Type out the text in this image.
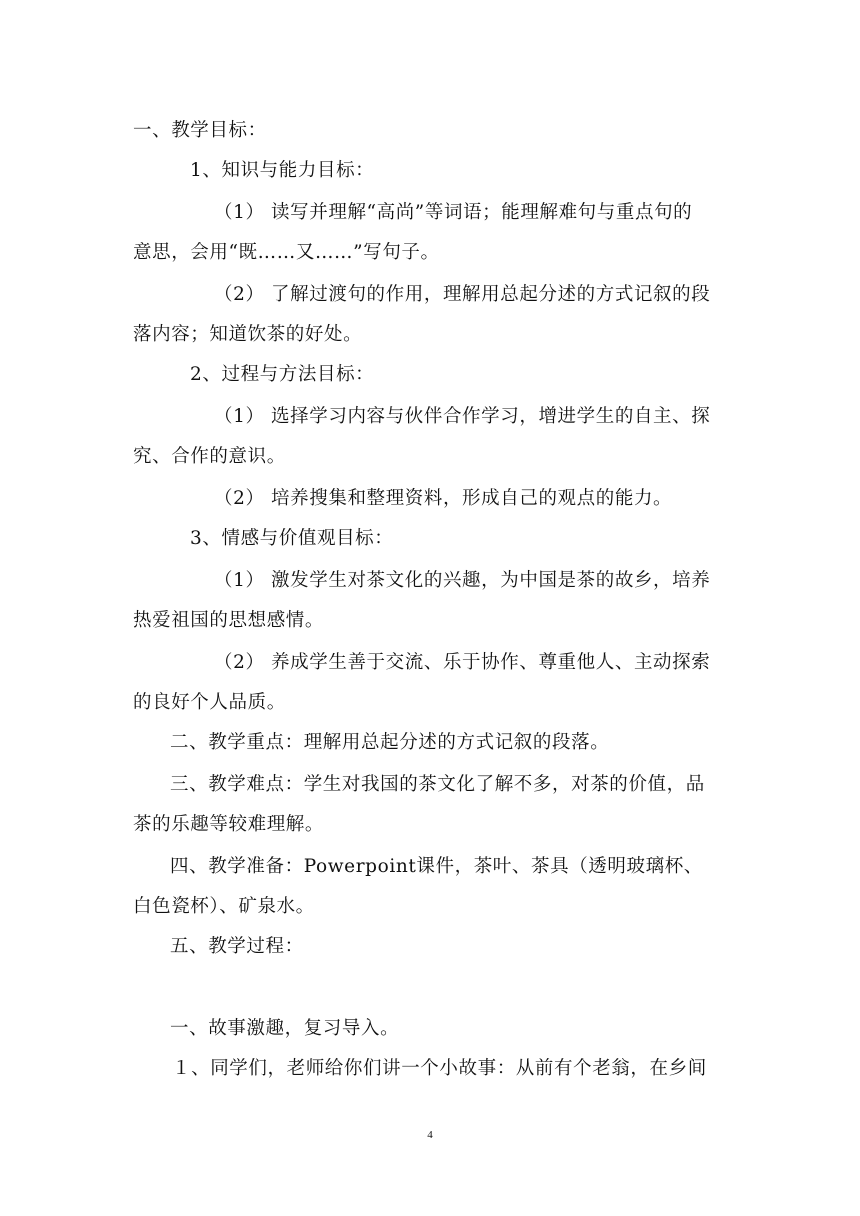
一、教学目标：
1、知识与能力目标：
（1） 读写并理解“高尚”等词语；能理解难句与重点句的
意思，会用“既……又……”写句子。
（2） 了解过渡句的作用，理解用总起分述的方式记叙的段
落内容；知道饮茶的好处。
2、过程与方法目标：
（1） 选择学习内容与伙伴合作学习，增进学生的自主、探
究、合作的意识。
（2） 培养搜集和整理资料，形成自己的观点的能力。
3、情感与价值观目标：
（1） 激发学生对茶文化的兴趣，为中国是茶的故乡，培养
热爱祖国的思想感情。
（2） 养成学生善于交流、乐于协作、尊重他人、主动探索
的良好个人品质。
二、教学重点：理解用总起分述的方式记叙的段落。
三、教学难点：学生对我国的茶文化了解不多，对茶的价值，品
茶的乐趣等较难理解。
四、教学准备：Powerpoint课件，茶叶、茶具（透明玻璃杯、
白色瓷杯）、矿泉水。
五、教学过程：
一、故事激趣，复习导入。
１、同学们，老师给你们讲一个小故事：从前有个老翁，在乡间
4
